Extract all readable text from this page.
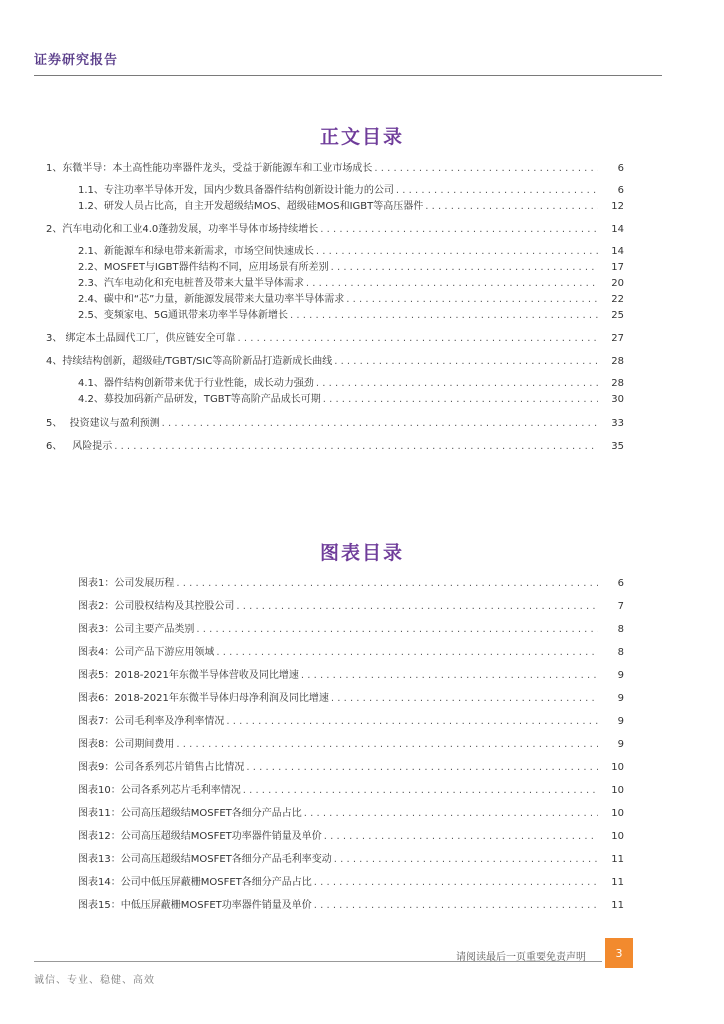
证券研究报告
正文目录
1、 东微半导：本土高性能功率器件龙头，受益于新能源车和工业市场成长 . . .	6
1.1、 专注功率半导体开发，国内少数具备器件结构创新设计能力的公司 . . .	6
1.2、 研发人员占比高，自主开发超级结MOS、超级硅MOS和IGBT等高压器件 . . .	12
2、 汽车电动化和工业4.0蓬勃发展，功率半导体市场持续增长 . . .	14
2.1、 新能源车和绿电带来新需求，市场空间快速成长 . . .	14
2.2、 MOSFET与IGBT器件结构不同，应用场景有所差别 . . .	17
2.3、 汽车电动化和充电桩普及带来大量半导体需求 . . .	20
2.4、 碳中和“芯”力量，新能源发展带来大量功率半导体需求 . . .	22
2.5、 变频家电、5G通讯带来功率半导体新增长 . . .	25
3、 绑定本土晶圆代工厂，供应链安全可靠 . . .	27
4、 持续结构创新，超级硅/TGBT/SIC等高阶新品打造新成长曲线 . . .	28
4.1、 器件结构创新带来优于行业性能，成长动力强劲 . . .	28
4.2、 募投加码新产品研发，TGBT等高阶产品成长可期 . . .	30
5、 投资建议与盈利预测 . . .	33
6、 风险提示 . . .	35
图表目录
图表1：公司发展历程 . . .	6
图表2：公司股权结构及其控股公司 . . .	7
图表3：公司主要产品类别 . . .	8
图表4：公司产品下游应用领域 . . .	8
图表5：2018-2021年东微半导体营收及同比增速 . . .	9
图表6：2018-2021年东微半导体归母净利润及同比增速 . . .	9
图表7：公司毛利率及净利率情况 . . .	9
图表8：公司期间费用 . . .	9
图表9：公司各系列芯片销售占比情况 . . .	10
图表10：公司各系列芯片毛利率情况 . . .	10
图表11：公司高压超级结MOSFET各细分产品占比 . . .	10
图表12：公司高压超级结MOSFET功率器件销量及单价 . . .	10
图表13：公司高压超级结MOSFET各细分产品毛利率变动 . . .	11
图表14：公司中低压屏蔽栅MOSFET各细分产品占比 . . .	11
图表15：中低压屏蔽栅MOSFET功率器件销量及单价 . . .	11
请阅读最后一页重要免责声明	3
诚信、专业、稳健、高效
